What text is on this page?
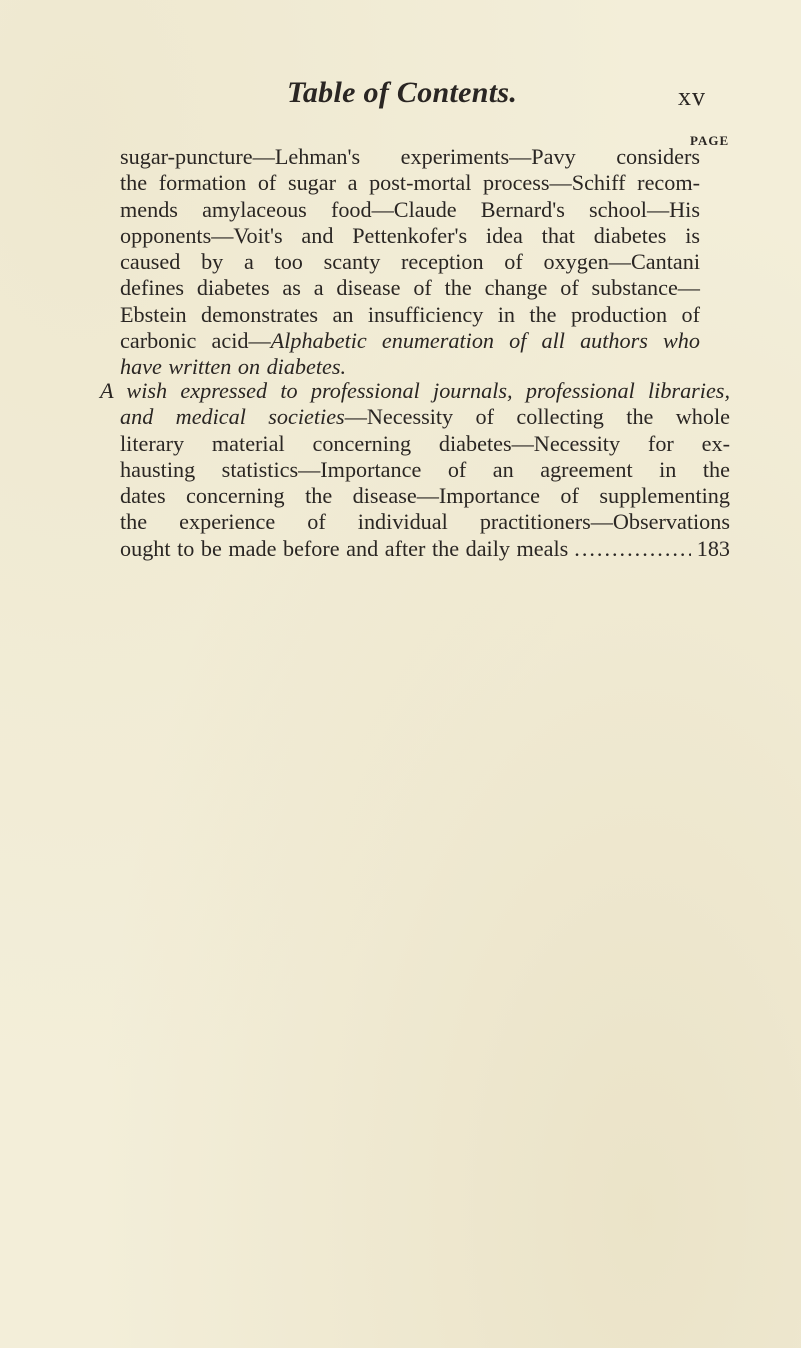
Table of Contents.	xv
PAGE
sugar-puncture—Lehman's experiments—Pavy considers
the formation of sugar a post-mortal process—Schiff recom-
mends amylaceous food—Claude Bernard's school—His
opponents—Voit's and Pettenkofer's idea that diabetes is
caused by a too scanty reception of oxygen—Cantani
defines diabetes as a disease of the change of substance—
Ebstein demonstrates an insufficiency in the production of
carbonic acid—Alphabetic enumeration of all authors who
have written on diabetes.
A wish expressed to professional journals, professional libraries,
and medical societies—Necessity of collecting the whole
literary material concerning diabetes—Necessity for ex-
hausting statistics—Importance of an agreement in the
dates concerning the disease—Importance of supplementing
the experience of individual practitioners—Observations
ought to be made before and after the daily meals
.....	183
